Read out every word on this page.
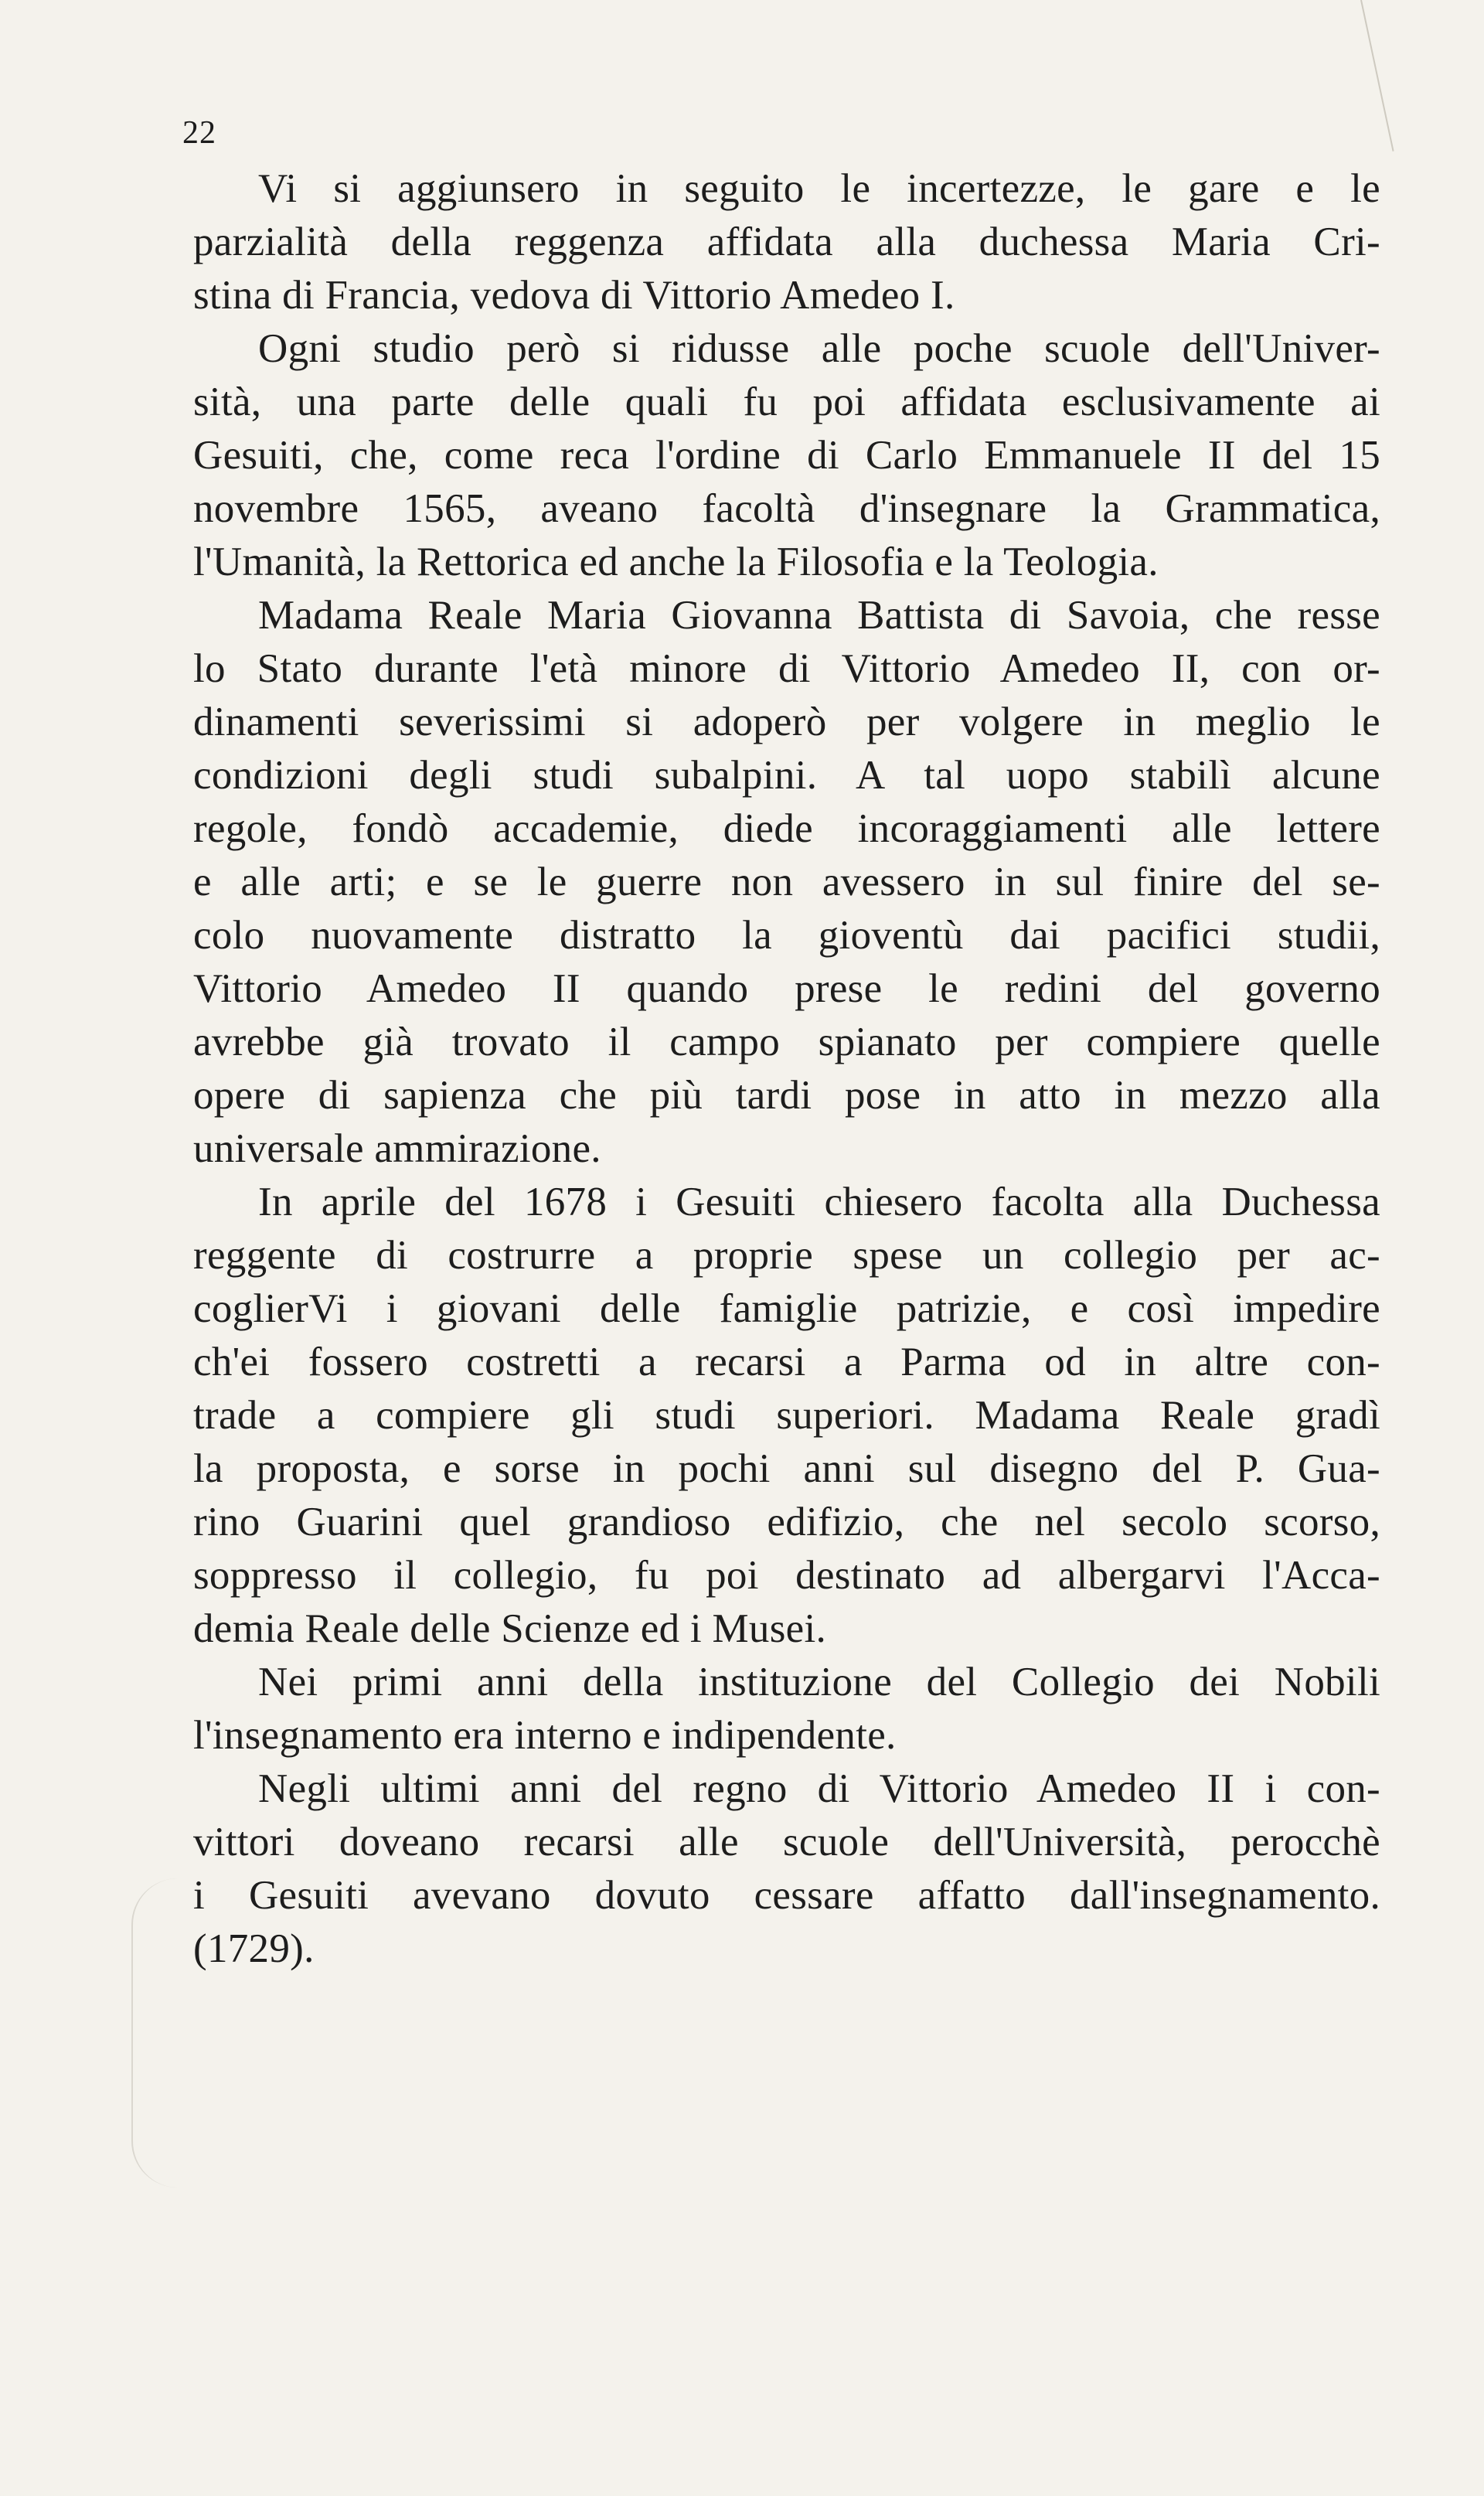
22
Vi si aggiunsero in seguito le incertezze, le gare e le
parzialità della reggenza affidata alla duchessa Maria Cri-
stina di Francia, vedova di Vittorio Amedeo I.
Ogni studio però si ridusse alle poche scuole dell'Univer-
sità, una parte delle quali fu poi affidata esclusivamente ai
Gesuiti, che, come reca l'ordine di Carlo Emmanuele II del 15
novembre 1565, aveano facoltà d'insegnare la Grammatica,
l'Umanità, la Rettorica ed anche la Filosofia e la Teologia.
Madama Reale Maria Giovanna Battista di Savoia, che resse
lo Stato durante l'età minore di Vittorio Amedeo II, con or-
dinamenti severissimi si adoperò per volgere in meglio le
condizioni degli studi subalpini. A tal uopo stabilì alcune
regole, fondò accademie, diede incoraggiamenti alle lettere
e alle arti; e se le guerre non avessero in sul finire del se-
colo nuovamente distratto la gioventù dai pacifici studii,
Vittorio Amedeo II quando prese le redini del governo
avrebbe già trovato il campo spianato per compiere quelle
opere di sapienza che più tardi pose in atto in mezzo alla
universale ammirazione.
In aprile del 1678 i Gesuiti chiesero facolta alla Duchessa
reggente di costrurre a proprie spese un collegio per ac-
coglierVi i giovani delle famiglie patrizie, e così impedire
ch'ei fossero costretti a recarsi a Parma od in altre con-
trade a compiere gli studi superiori. Madama Reale gradì
la proposta, e sorse in pochi anni sul disegno del P. Gua-
rino Guarini quel grandioso edifizio, che nel secolo scorso,
soppresso il collegio, fu poi destinato ad albergarvi l'Acca-
demia Reale delle Scienze ed i Musei.
Nei primi anni della instituzione del Collegio dei Nobili
l'insegnamento era interno e indipendente.
Negli ultimi anni del regno di Vittorio Amedeo II i con-
vittori doveano recarsi alle scuole dell'Università, perocchè
i Gesuiti avevano dovuto cessare affatto dall'insegnamento.
(1729).
